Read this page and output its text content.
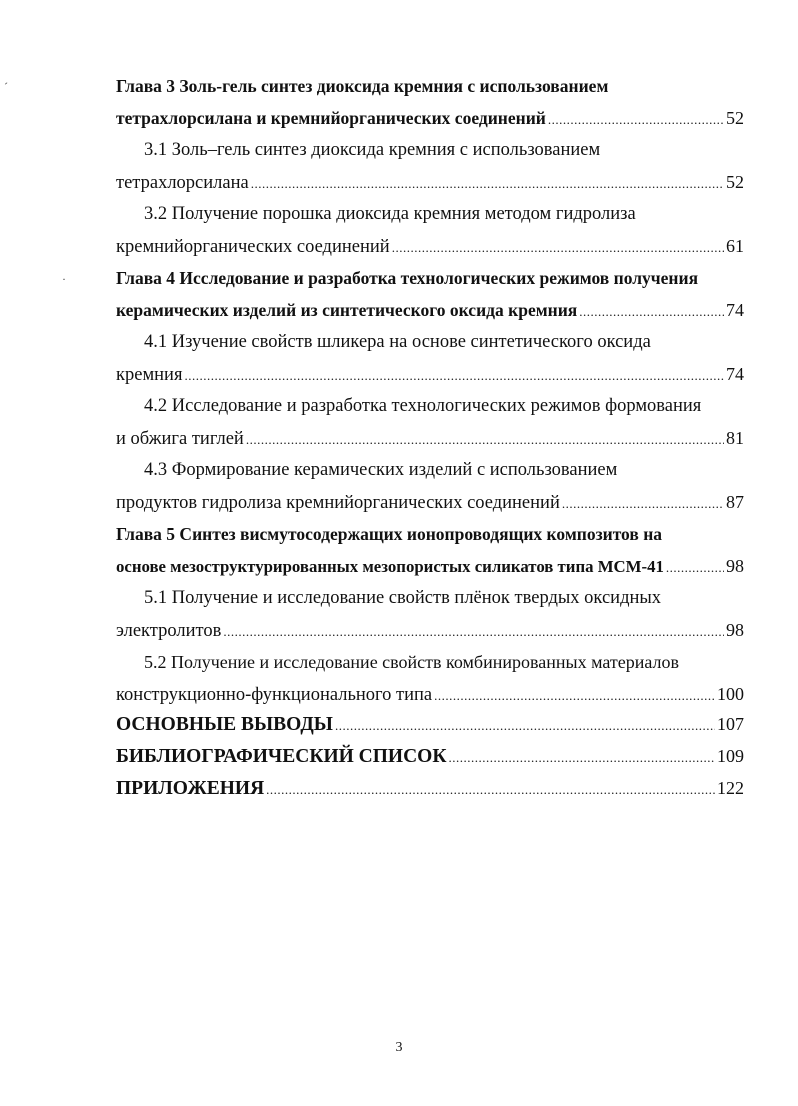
´
·
Глава 3 Золь-гель синтез диоксида кремния с использованием
тетрахлорсилана и кремнийорганических соединений .....	52
3.1 Золь–гель синтез диоксида кремния с использованием
тетрахлорсилана .....	52
3.2 Получение порошка диоксида кремния методом гидролиза
кремнийорганических соединений .....	61
Глава 4 Исследование и разработка технологических режимов получения
керамических изделий из синтетического оксида кремния .....	74
4.1 Изучение свойств шликера на основе синтетического оксида
кремния .....	74
4.2 Исследование и разработка технологических режимов формования
и обжига тиглей .....	81
4.3 Формирование керамических изделий с использованием
продуктов гидролиза кремнийорганических соединений .....	87
Глава 5 Синтез висмутосодержащих ионопроводящих композитов на
основе мезоструктурированных мезопористых силикатов типа МСМ-41 .....	98
5.1 Получение и исследование свойств плёнок твердых оксидных
электролитов .....	98
5.2 Получение и исследование свойств комбинированных материалов
конструкционно-функционального типа .....	100
ОСНОВНЫЕ ВЫВОДЫ .....	107
БИБЛИОГРАФИЧЕСКИЙ СПИСОК .....	109
ПРИЛОЖЕНИЯ .....	122
3
